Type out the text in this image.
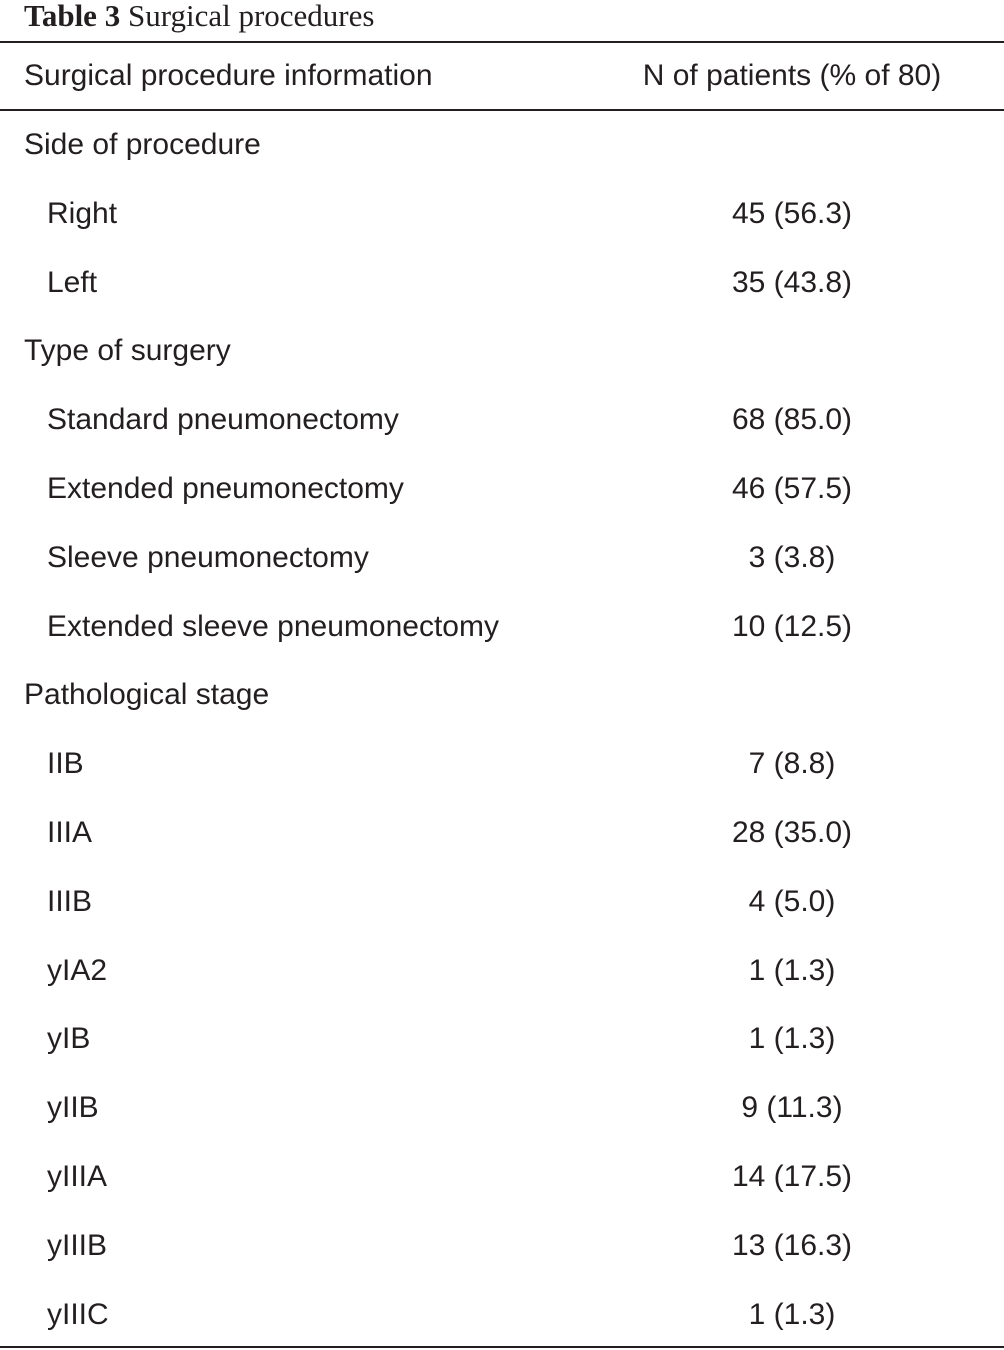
Table 3 Surgical procedures
Surgical procedure information	N of patients (% of 80)
Side of procedure
Right	45 (56.3)
Left	35 (43.8)
Type of surgery
Standard pneumonectomy	68 (85.0)
Extended pneumonectomy	46 (57.5)
Sleeve pneumonectomy	3 (3.8)
Extended sleeve pneumonectomy	10 (12.5)
Pathological stage
IIB	7 (8.8)
IIIA	28 (35.0)
IIIB	4 (5.0)
yIA2	1 (1.3)
yIB	1 (1.3)
yIIB	9 (11.3)
yIIIA	14 (17.5)
yIIIB	13 (16.3)
yIIIC	1 (1.3)
